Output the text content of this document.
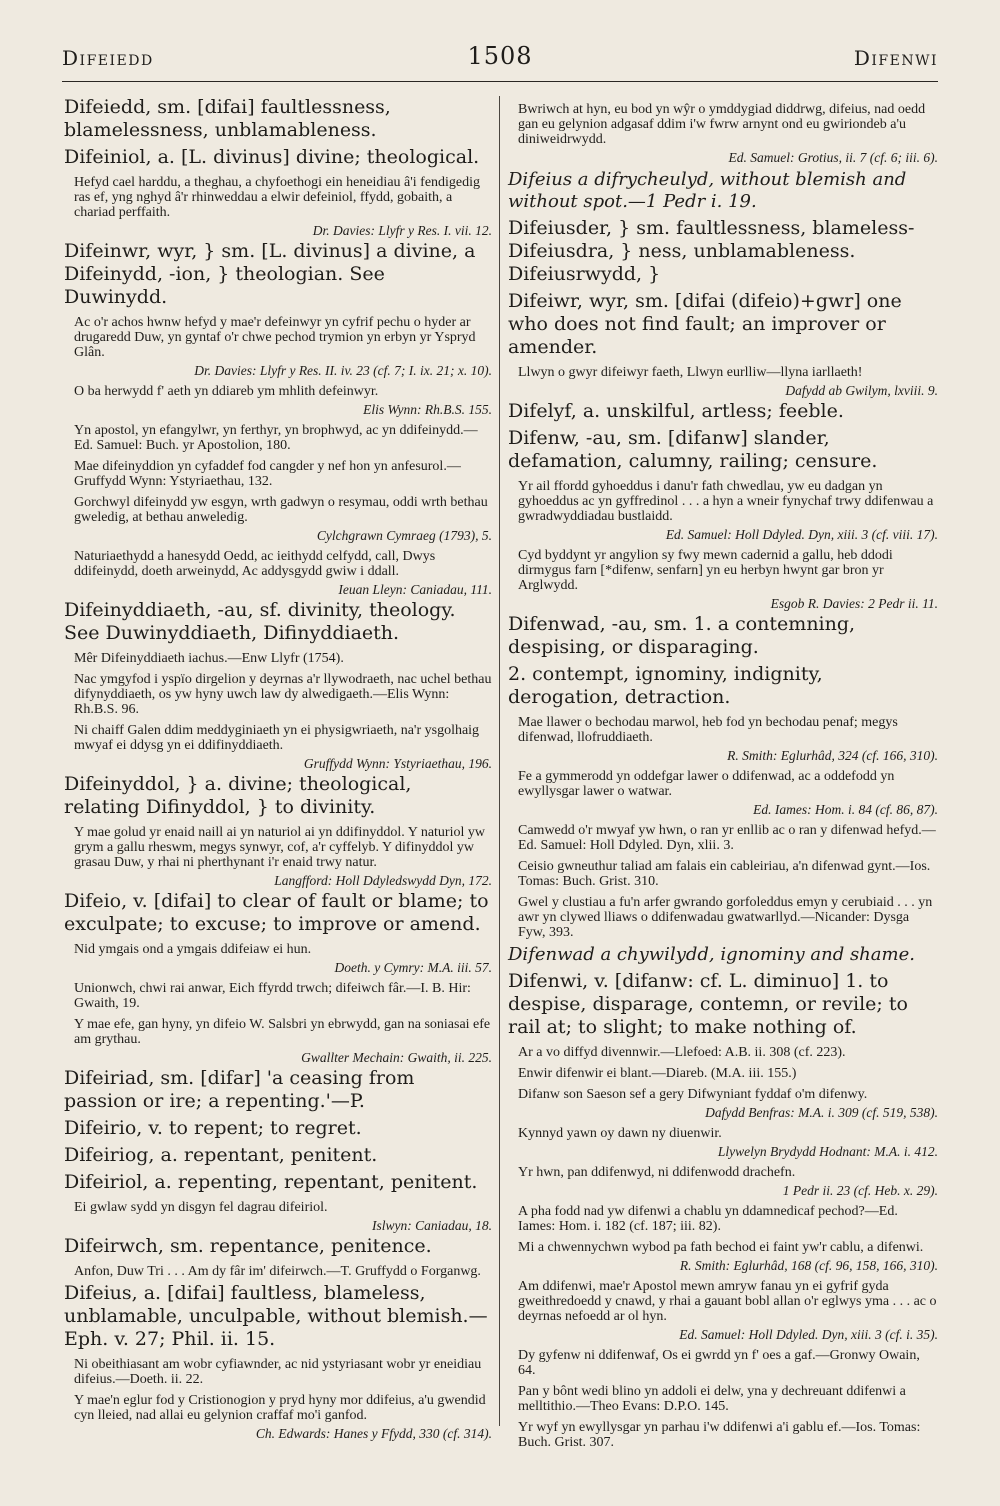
Difeiedd	1508	Difenwi
Difeiedd, sm. [difai] faultlessness, blamelessness, unblamableness.
Difeiniol, a. [L. divinus] divine; theological.
Hefyd cael harddu, a theghau, a chyfoethogi ein heneidiau â'i fendigedig ras ef, yng nghyd â'r rhinweddau a elwir defeiniol, ffydd, gobaith, a chariad perffaith.
Dr. Davies: Llyfr y Res. I. vii. 12.
Difeinwr, wyr, } sm. [L. divinus] a divine, a Difeinydd, -ion, } theologian. See Duwinydd.
Ac o'r achos hwnw hefyd y mae'r defeinwyr yn cyfrif pechu o hyder ar drugaredd Duw, yn gyntaf o'r chwe pechod trymion yn erbyn yr Yspryd Glân.
Dr. Davies: Llyfr y Res. II. iv. 23 (cf. 7; I. ix. 21; x. 10).
O ba herwydd f' aeth yn ddiareb ym mhlith defeinwyr.
Elis Wynn: Rh.B.S. 155.
Yn apostol, yn efangylwr, yn ferthyr, yn brophwyd, ac yn ddifeinydd.—Ed. Samuel: Buch. yr Apostolion, 180.
Mae difeinyddion yn cyfaddef fod cangder y nef hon yn anfesurol.—Gruffydd Wynn: Ystyriaethau, 132.
Gorchwyl difeinydd yw esgyn, wrth gadwyn o resymau, oddi wrth bethau gweledig, at bethau anweledig.
Cylchgrawn Cymraeg (1793), 5.
Naturiaethydd a hanesydd Oedd, ac ieithydd celfydd, call, Dwys ddifeinydd, doeth arweinydd, Ac addysgydd gwiw i ddall.
Ieuan Lleyn: Caniadau, 111.
Difeinyddiaeth, -au, sf. divinity, theology. See Duwinyddiaeth, Difinyddiaeth.
Mêr Difeinyddiaeth iachus.—Enw Llyfr (1754).
Nac ymgyfod i yspïo dirgelion y deyrnas a'r llywodraeth, nac uchel bethau difynyddiaeth, os yw hyny uwch law dy alwedigaeth.—Elis Wynn: Rh.B.S. 96.
Ni chaiff Galen ddim meddyginiaeth yn ei physigwriaeth, na'r ysgolhaig mwyaf ei ddysg yn ei ddifinyddiaeth.
Gruffydd Wynn: Ystyriaethau, 196.
Difeinyddol, } a. divine; theological, relating Difinyddol, } to divinity.
Y mae golud yr enaid naill ai yn naturiol ai yn ddifinyddol. Y naturiol yw grym a gallu rheswm, megys synwyr, cof, a'r cyffelyb. Y difinyddol yw grasau Duw, y rhai ni pherthynant i'r enaid trwy natur.
Langfford: Holl Ddyledswydd Dyn, 172.
Difeio, v. [difai] to clear of fault or blame; to exculpate; to excuse; to improve or amend.
Nid ymgais ond a ymgais ddifeiaw ei hun.
Doeth. y Cymry: M.A. iii. 57.
Unionwch, chwi rai anwar, Eich ffyrdd trwch; difeiwch fâr.—I. B. Hir: Gwaith, 19.
Y mae efe, gan hyny, yn difeio W. Salsbri yn ebrwydd, gan na soniasai efe am grythau.
Gwallter Mechain: Gwaith, ii. 225.
Difeiriad, sm. [difar] 'a ceasing from passion or ire; a repenting.'—P.
Difeirio, v. to repent; to regret.
Difeiriog, a. repentant, penitent.
Difeiriol, a. repenting, repentant, penitent.
Ei gwlaw sydd yn disgyn fel dagrau difeiriol.
Islwyn: Caniadau, 18.
Difeirwch, sm. repentance, penitence.
Anfon, Duw Tri . . . Am dy fâr im' difeirwch.—T. Gruffydd o Forganwg.
Difeius, a. [difai] faultless, blameless, unblamable, unculpable, without blemish.—Eph. v. 27; Phil. ii. 15.
Ni obeithiasant am wobr cyfiawnder, ac nid ystyriasant wobr yr eneidiau difeius.—Doeth. ii. 22.
Y mae'n eglur fod y Cristionogion y pryd hyny mor ddifeius, a'u gwendid cyn lleied, nad allai eu gelynion craffaf mo'i ganfod.
Ch. Edwards: Hanes y Ffydd, 330 (cf. 314).
Bwriwch at hyn, eu bod yn wŷr o ymddygiad diddrwg, difeius, nad oedd gan eu gelynion adgasaf ddim i'w fwrw arnynt ond eu gwiriondeb a'u diniweidrwydd.
Ed. Samuel: Grotius, ii. 7 (cf. 6; iii. 6).
Difeius a difrycheulyd, without blemish and without spot.—1 Pedr i. 19.
Difeiusder, } sm. faultlessness, blameless- Difeiusdra, } ness, unblamableness. Difeiusrwydd, }
Difeiwr, wyr, sm. [difai (difeio)+gwr] one who does not find fault; an improver or amender.
Llwyn o gwyr difeiwyr faeth, Llwyn eurlliw—llyna iarllaeth!
Dafydd ab Gwilym, lxviii. 9.
Difelyf, a. unskilful, artless; feeble.
Difenw, -au, sm. [difanw] slander, defamation, calumny, railing; censure.
Yr ail ffordd gyhoeddus i danu'r fath chwedlau, yw eu dadgan yn gyhoeddus ac yn gyffredinol . . . a hyn a wneir fynychaf trwy ddifenwau a gwradwyddiadau bustlaidd.
Ed. Samuel: Holl Ddyled. Dyn, xiii. 3 (cf. viii. 17).
Cyd byddynt yr angylion sy fwy mewn cadernid a gallu, heb ddodi dirmygus farn [*difenw, senfarn] yn eu herbyn hwynt gar bron yr Arglwydd.
Esgob R. Davies: 2 Pedr ii. 11.
Difenwad, -au, sm. 1. a contemning, despising, or disparaging.
2. contempt, ignominy, indignity, derogation, detraction.
Mae llawer o bechodau marwol, heb fod yn bechodau penaf; megys difenwad, llofruddiaeth.
R. Smith: Eglurhâd, 324 (cf. 166, 310).
Fe a gymmerodd yn oddefgar lawer o ddifenwad, ac a oddefodd yn ewyllysgar lawer o watwar.
Ed. Iames: Hom. i. 84 (cf. 86, 87).
Camwedd o'r mwyaf yw hwn, o ran yr enllib ac o ran y difenwad hefyd.—Ed. Samuel: Holl Ddyled. Dyn, xlii. 3.
Ceisio gwneuthur taliad am falais ein cableiriau, a'n difenwad gynt.—Ios. Tomas: Buch. Grist. 310.
Gwel y clustiau a fu'n arfer gwrando gorfoleddus emyn y cerubiaid . . . yn awr yn clywed lliaws o ddifenwadau gwatwarllyd.—Nicander: Dysga Fyw, 393.
Difenwad a chywilydd, ignominy and shame.
Difenwi, v. [difanw: cf. L. diminuo] 1. to despise, disparage, contemn, or revile; to rail at; to slight; to make nothing of.
Ar a vo diffyd divennwir.—Llefoed: A.B. ii. 308 (cf. 223).
Enwir difenwir ei blant.—Diareb. (M.A. iii. 155.)
Difanw son Saeson sef a gery Difwyniant fyddaf o'm difenwy.
Dafydd Benfras: M.A. i. 309 (cf. 519, 538).
Kynnyd yawn oy dawn ny diuenwir.
Llywelyn Brydydd Hodnant: M.A. i. 412.
Yr hwn, pan ddifenwyd, ni ddifenwodd drachefn.
1 Pedr ii. 23 (cf. Heb. x. 29).
A pha fodd nad yw difenwi a chablu yn ddamnedicaf pechod?—Ed. Iames: Hom. i. 182 (cf. 187; iii. 82).
Mi a chwennychwn wybod pa fath bechod ei faint yw'r cablu, a difenwi.
R. Smith: Eglurhâd, 168 (cf. 96, 158, 166, 310).
Am ddifenwi, mae'r Apostol mewn amryw fanau yn ei gyfrif gyda gweithredoedd y cnawd, y rhai a gauant bobl allan o'r eglwys yma . . . ac o deyrnas nefoedd ar ol hyn.
Ed. Samuel: Holl Ddyled. Dyn, xiii. 3 (cf. i. 35).
Dy gyfenw ni ddifenwaf, Os ei gwrdd yn f' oes a gaf.—Gronwy Owain, 64.
Pan y bônt wedi blino yn addoli ei delw, yna y dechreuant ddifenwi a melltithio.—Theo Evans: D.P.O. 145.
Yr wyf yn ewyllysgar yn parhau i'w ddifenwi a'i gablu ef.—Ios. Tomas: Buch. Grist. 307.
